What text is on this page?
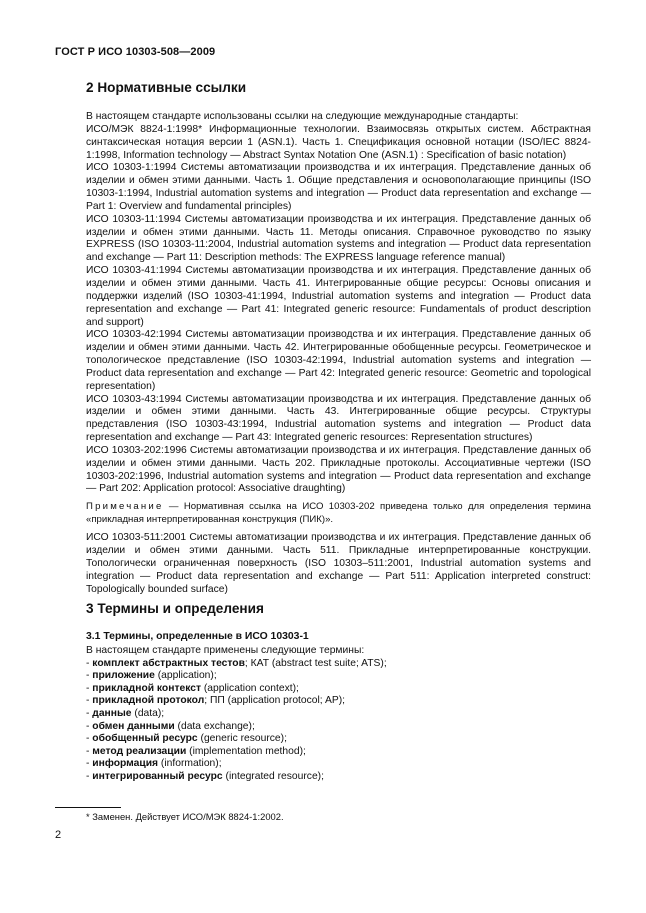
ГОСТ Р ИСО 10303-508—2009
2 Нормативные ссылки

В настоящем стандарте использованы ссылки на следующие международные стандарты:

ИСО/МЭК 8824-1:1998* Информационные технологии. Взаимосвязь открытых систем. Абстрактная синтаксическая нотация версии 1 (ASN.1). Часть 1. Спецификация основной нотации (ISO/IEC 8824-1:1998, Information technology — Abstract Syntax Notation One (ASN.1) : Specification of basic notation)

ИСО 10303-1:1994 Системы автоматизации производства и их интеграция. Представление данных об изделии и обмен этими данными. Часть 1. Общие представления и основополагающие принципы (ISO 10303-1:1994, Industrial automation systems and integration — Product data representation and exchange — Part 1: Overview and fundamental principles)

ИСО 10303-11:1994 Системы автоматизации производства и их интеграция. Представление данных об изделии и обмен этими данными. Часть 11. Методы описания. Справочное руководство по языку EXPRESS (ISO 10303-11:2004, Industrial automation systems and integration — Product data representation and exchange — Part 11: Description methods: The EXPRESS language reference manual)

ИСО 10303-41:1994 Системы автоматизации производства и их интеграция. Представление данных об изделии и обмен этими данными. Часть 41. Интегрированные общие ресурсы: Основы описания и поддержки изделий (ISO 10303-41:1994, Industrial automation systems and integration — Product data representation and exchange — Part 41: Integrated generic resource: Fundamentals of product description and support)

ИСО 10303-42:1994 Системы автоматизации производства и их интеграция. Представление данных об изделии и обмен этими данными. Часть 42. Интегрированные обобщенные ресурсы. Геометрическое и топологическое представление (ISO 10303-42:1994, Industrial automation systems and integration — Product data representation and exchange — Part 42: Integrated generic resource: Geometric and topological representation)

ИСО 10303-43:1994 Системы автоматизации производства и их интеграция. Представление данных об изделии и обмен этими данными. Часть 43. Интегрированные общие ресурсы. Структуры представления (ISO 10303-43:1994, Industrial automation systems and integration — Product data representation and exchange — Part 43: Integrated generic resources: Representation structures)

ИСО 10303-202:1996 Системы автоматизации производства и их интеграция. Представление данных об изделии и обмен этими данными. Часть 202. Прикладные протоколы. Ассоциативные чертежи (ISO 10303-202:1996, Industrial automation systems and integration — Product data representation and exchange — Part 202: Application protocol: Associative draughting)

Примечание — Нормативная ссылка на ИСО 10303-202 приведена только для определения термина «прикладная интерпретированная конструкция (ПИК)».

ИСО 10303-511:2001 Системы автоматизации производства и их интеграция. Представление данных об изделии и обмен этими данными. Часть 511. Прикладные интерпретированные конструкции. Топологически ограниченная поверхность (ISO 10303–511:2001, Industrial automation systems and integration — Product data representation and exchange — Part 511: Application interpreted construct: Topologically bounded surface)

3 Термины и определения
3.1 Термины, определенные в ИСО 10303-1
В настоящем стандарте применены следующие термины:
- комплект абстрактных тестов; КАТ (abstract test suite; ATS);
- приложение (application);
- прикладной контекст (application context);
- прикладной протокол; ПП (application protocol; AP);
- данные (data);
- обмен данными (data exchange);
- обобщенный ресурс (generic resource);
- метод реализации (implementation method);
- информация (information);
- интегрированный ресурс (integrated resource);
* Заменен. Действует ИСО/МЭК 8824-1:2002.
2
